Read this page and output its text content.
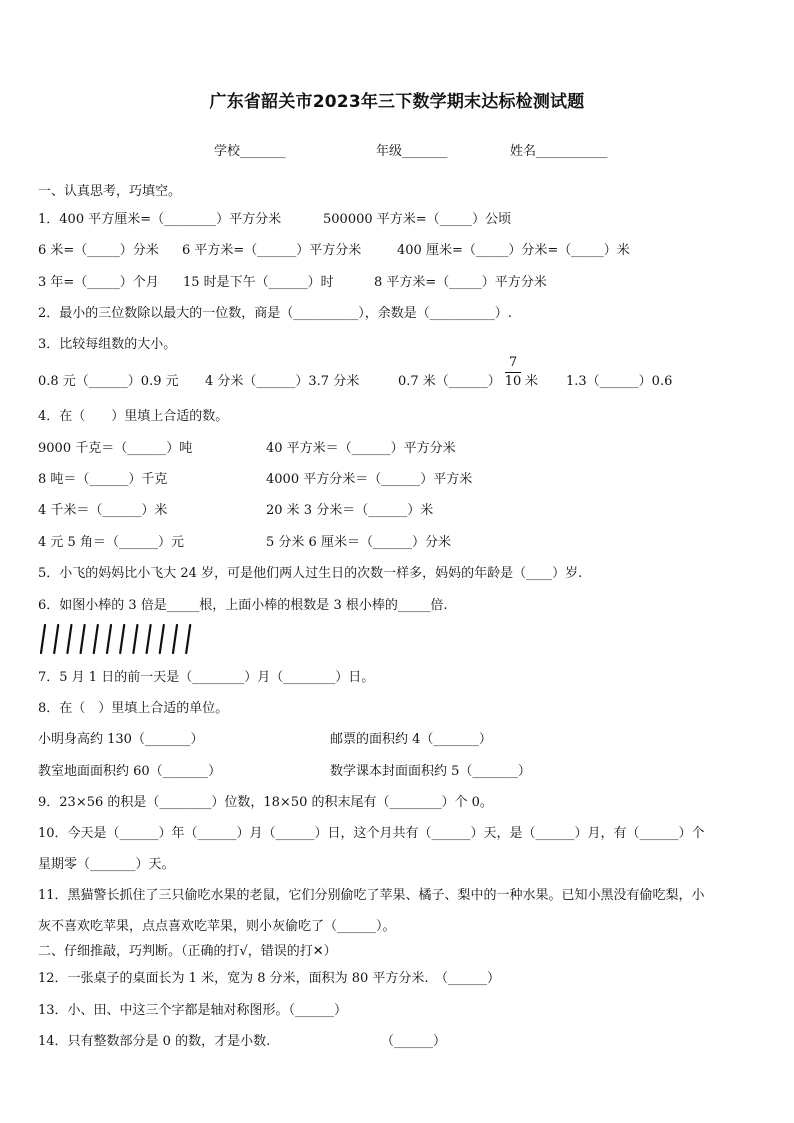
广东省韶关市2023年三下数学期末达标检测试题
学校_______	年级_______	姓名___________
一、认真思考，巧填空。
1．400 平方厘米=（________）平方分米	500000 平方米=（_____）公顷
6 米=（_____）分米 6 平方米=（______）平方分米	400 厘米=（_____）分米=（_____）米
3 年=（_____）个月 15 时是下午（______）时	8 平方米=（_____）平方分米
2．最小的三位数除以最大的一位数，商是（__________），余数是（__________）.
3．比较每组数的大小。
0.8 元（______）0.9 元 4 分米（______）3.7 分米	0.7 米（______）
7
10 米 1.3（______）0.6
4．在（　　）里填上合适的数。
9000 千克＝（______）吨	40 平方米＝（______）平方分米
8 吨＝（______）千克	4000 平方分米＝（______）平方米
4 千米＝（______）米	20 米 3 分米＝（______）米
4 元 5 角＝（______）元	5 分米 6 厘米＝（______）分米
5．小飞的妈妈比小飞大 24 岁，可是他们两人过生日的次数一样多，妈妈的年龄是（____）岁.
6．如图小棒的 3 倍是_____根，上面小棒的根数是 3 根小棒的_____倍.
7．5 月 1 日的前一天是（________）月（________）日。
8．在（　）里填上合适的单位。
小明身高约 130（_______）	邮票的面积约 4（_______）
教室地面面积约 60（_______）	数学课本封面面积约 5（_______）
9．23×56 的积是（________）位数，18×50 的积末尾有（________）个 0。
10．今天是（______）年（______）月（______）日，这个月共有（______）天，是（______）月，有（______）个
星期零（_______）天。
11．黑猫警长抓住了三只偷吃水果的老鼠，它们分别偷吃了苹果、橘子、梨中的一种水果。已知小黑没有偷吃梨，小
灰不喜欢吃苹果，点点喜欢吃苹果，则小灰偷吃了（______）。
二、仔细推敲，巧判断。（正确的打√，错误的打✕）
12．一张桌子的桌面长为 1 米，宽为 8 分米，面积为 80 平方分米.　（______）
13．小、田、中这三个字都是轴对称图形。（______）
14．只有整数部分是 0 的数，才是小数.	（______）
